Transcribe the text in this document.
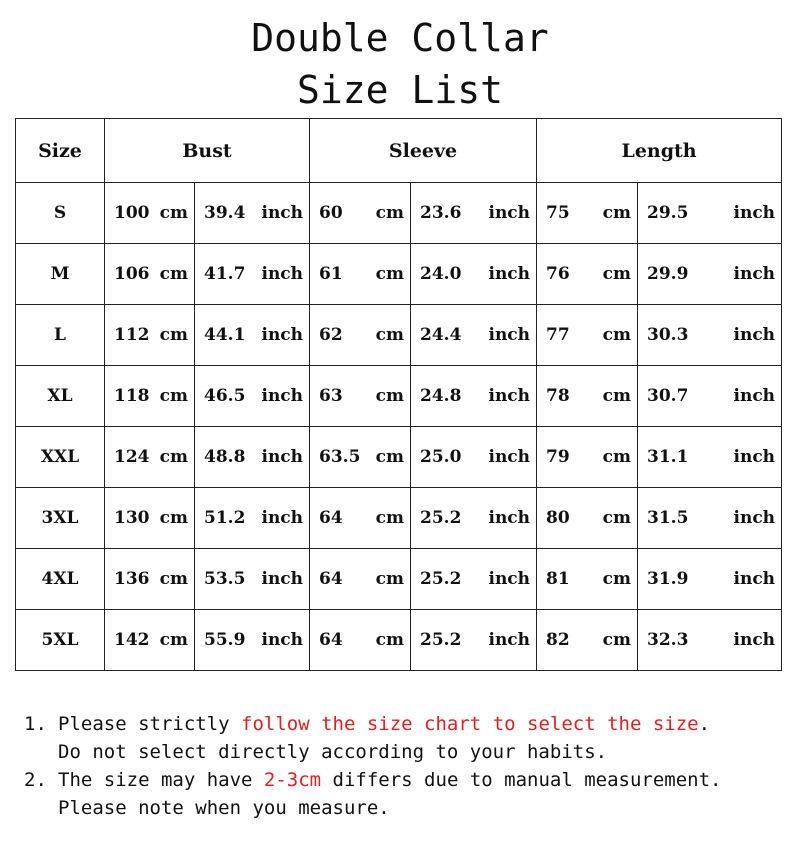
Double Collar
Size List
Size	Bust		Sleeve		Length	
S	100 cm	39.4 inch	60 cm	23.6 inch	75 cm	29.5 inch

M	106 cm	41.7 inch	61 cm	24.0 inch	76 cm	29.9 inch

L	112 cm	44.1 inch	62 cm	24.4 inch	77 cm	30.3 inch

XL	118 cm	46.5 inch	63 cm	24.8 inch	78 cm	30.7 inch

XXL	124 cm	48.8 inch	63.5 cm	25.0 inch	79 cm	31.1 inch

3XL	130 cm	51.2 inch	64 cm	25.2 inch	80 cm	31.5 inch

4XL	136 cm	53.5 inch	64 cm	25.2 inch	81 cm	31.9 inch

5XL	142 cm	55.9 inch	64 cm	25.2 inch	82 cm	32.3 inch
1. Please strictly follow the size chart to select the size.
Do not select directly according to your habits.
2. The size may have 2-3cm differs due to manual measurement.
Please note when you measure.
